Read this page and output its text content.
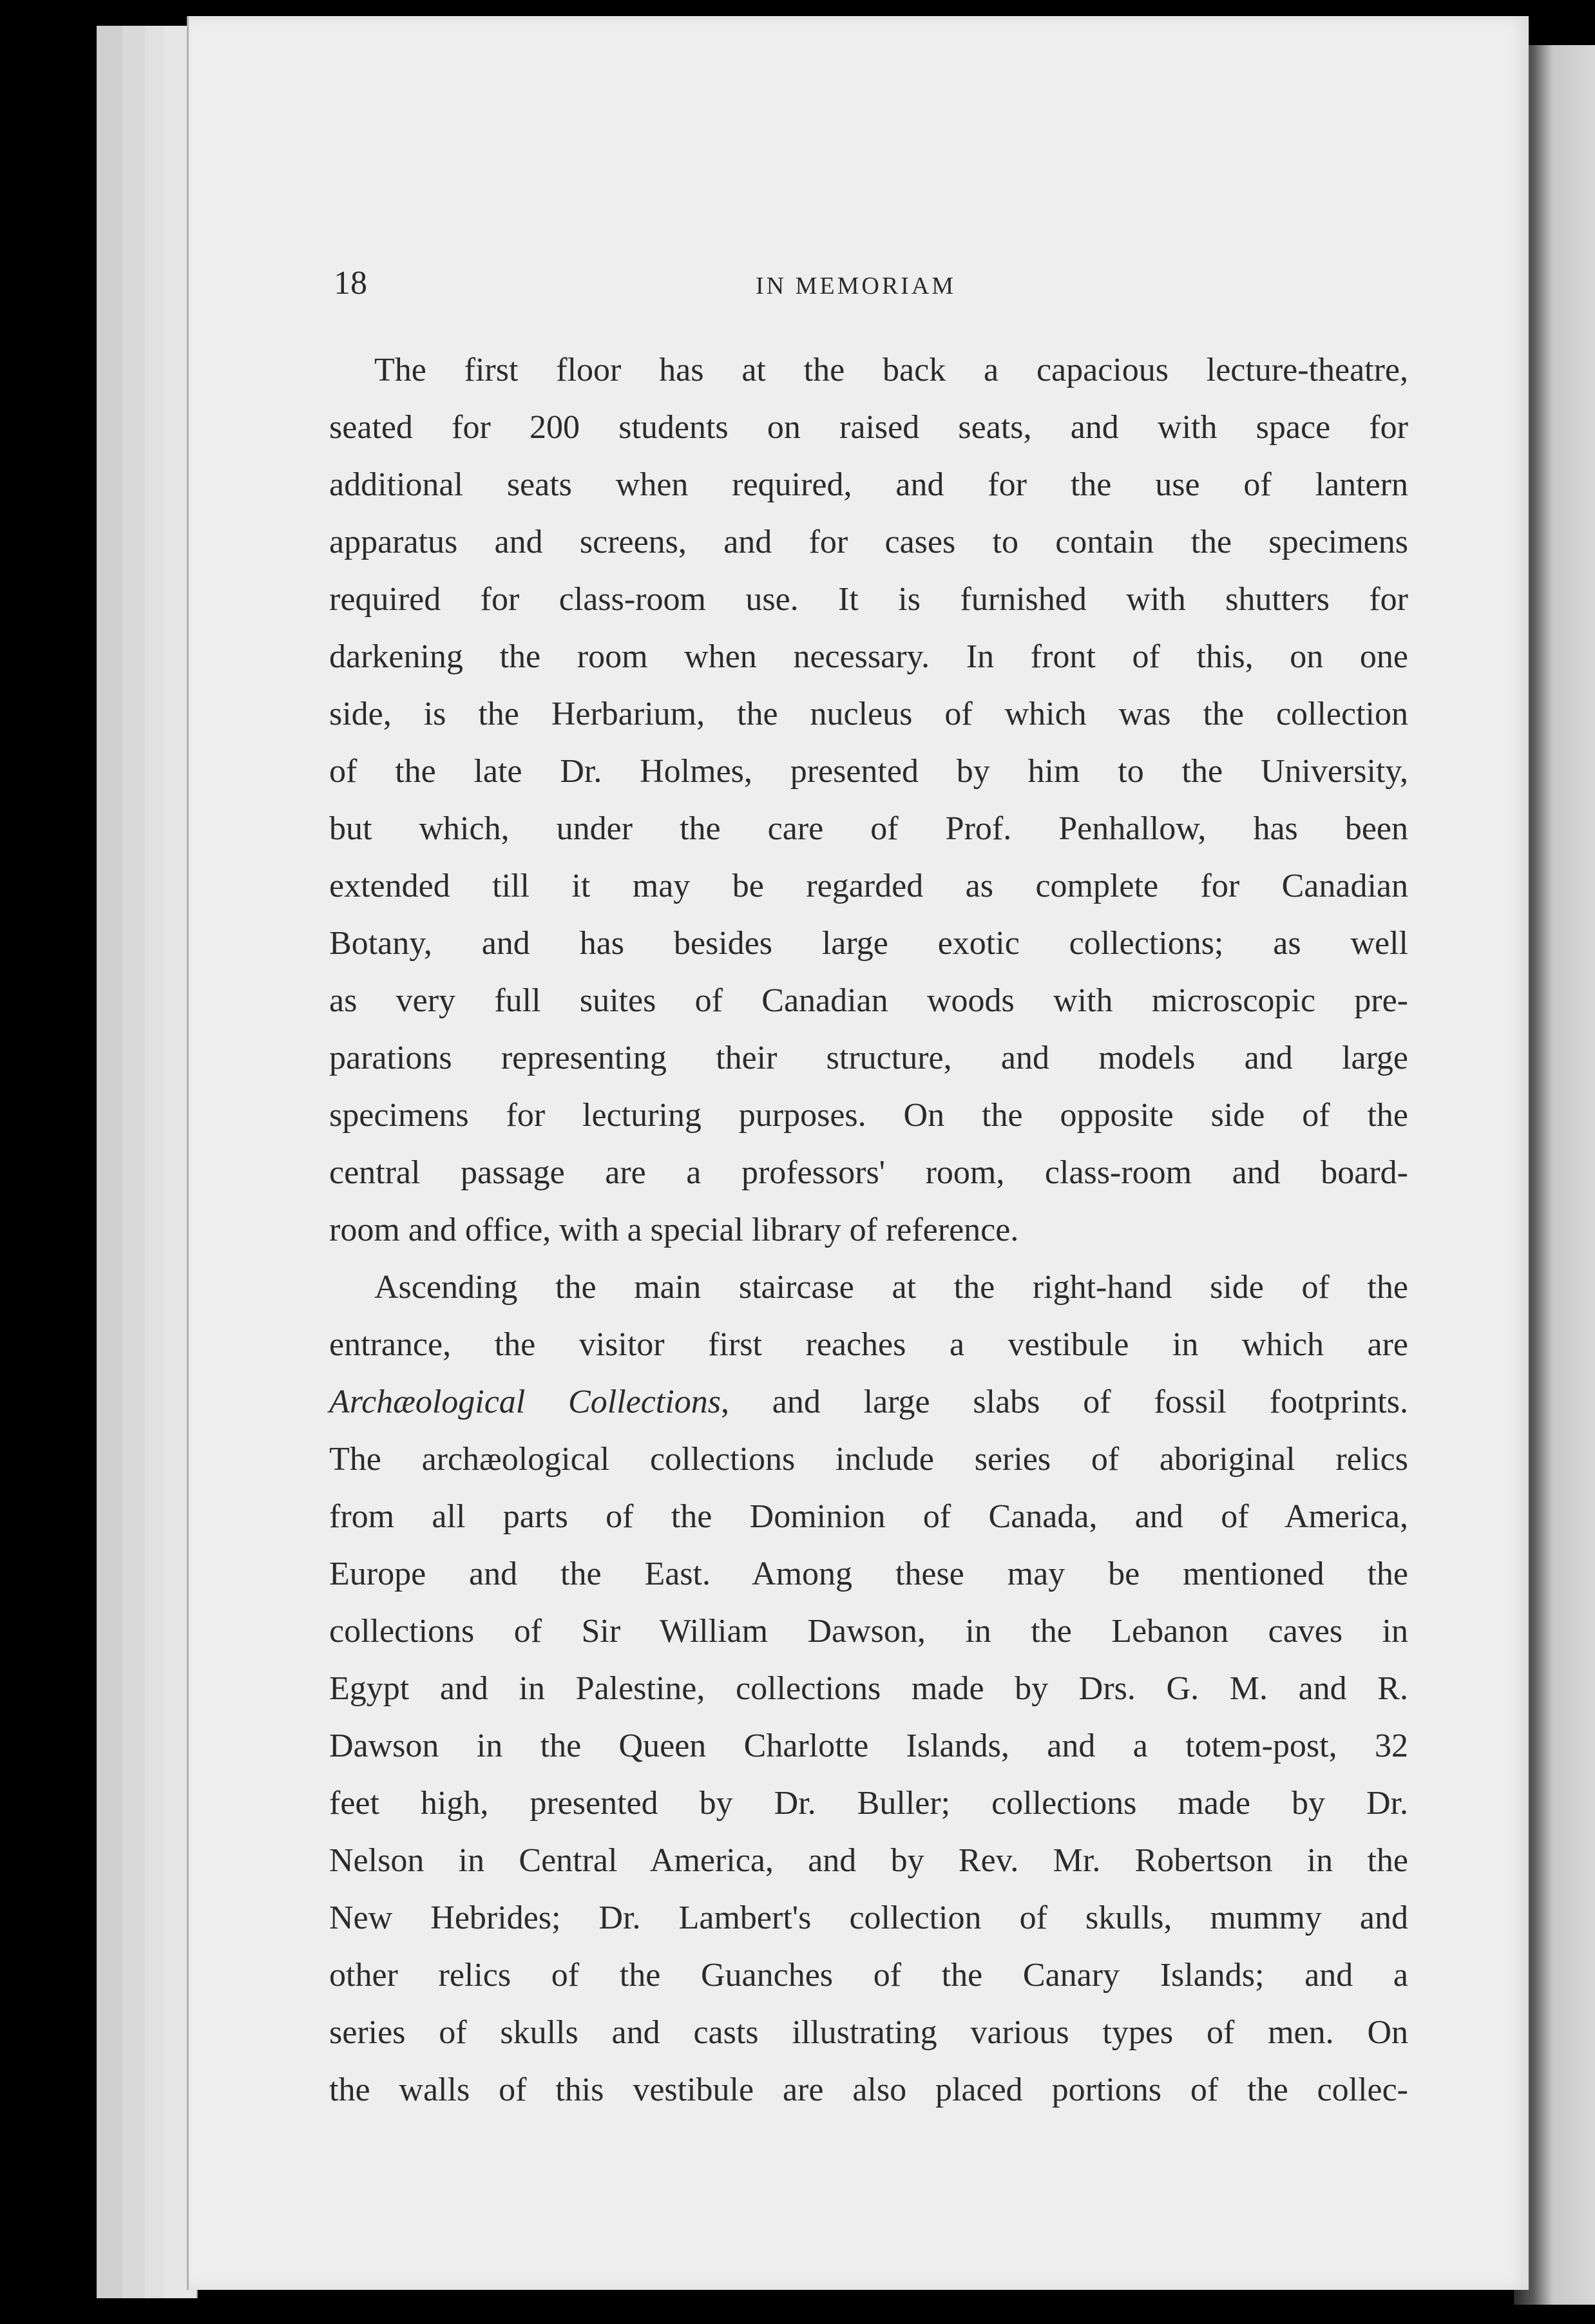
18	IN MEMORIAM
The first floor has at the back a capacious lecture-theatre,
seated for 200 students on raised seats, and with space for
additional seats when required, and for the use of lantern
apparatus and screens, and for cases to contain the specimens
required for class-room use. It is furnished with shutters for
darkening the room when necessary. In front of this, on one
side, is the Herbarium, the nucleus of which was the collection
of the late Dr. Holmes, presented by him to the University,
but which, under the care of Prof. Penhallow, has been
extended till it may be regarded as complete for Canadian
Botany, and has besides large exotic collections; as well
as very full suites of Canadian woods with microscopic pre-
parations representing their structure, and models and large
specimens for lecturing purposes. On the opposite side of the
central passage are a professors' room, class-room and board-
room and office, with a special library of reference.
Ascending the main staircase at the right-hand side of the
entrance, the visitor first reaches a vestibule in which are
Archæological Collections, and large slabs of fossil footprints.
The archæological collections include series of aboriginal relics
from all parts of the Dominion of Canada, and of America,
Europe and the East. Among these may be mentioned the
collections of Sir William Dawson, in the Lebanon caves in
Egypt and in Palestine, collections made by Drs. G. M. and R.
Dawson in the Queen Charlotte Islands, and a totem-post, 32
feet high, presented by Dr. Buller; collections made by Dr.
Nelson in Central America, and by Rev. Mr. Robertson in the
New Hebrides; Dr. Lambert's collection of skulls, mummy and
other relics of the Guanches of the Canary Islands; and a
series of skulls and casts illustrating various types of men. On
the walls of this vestibule are also placed portions of the collec-
